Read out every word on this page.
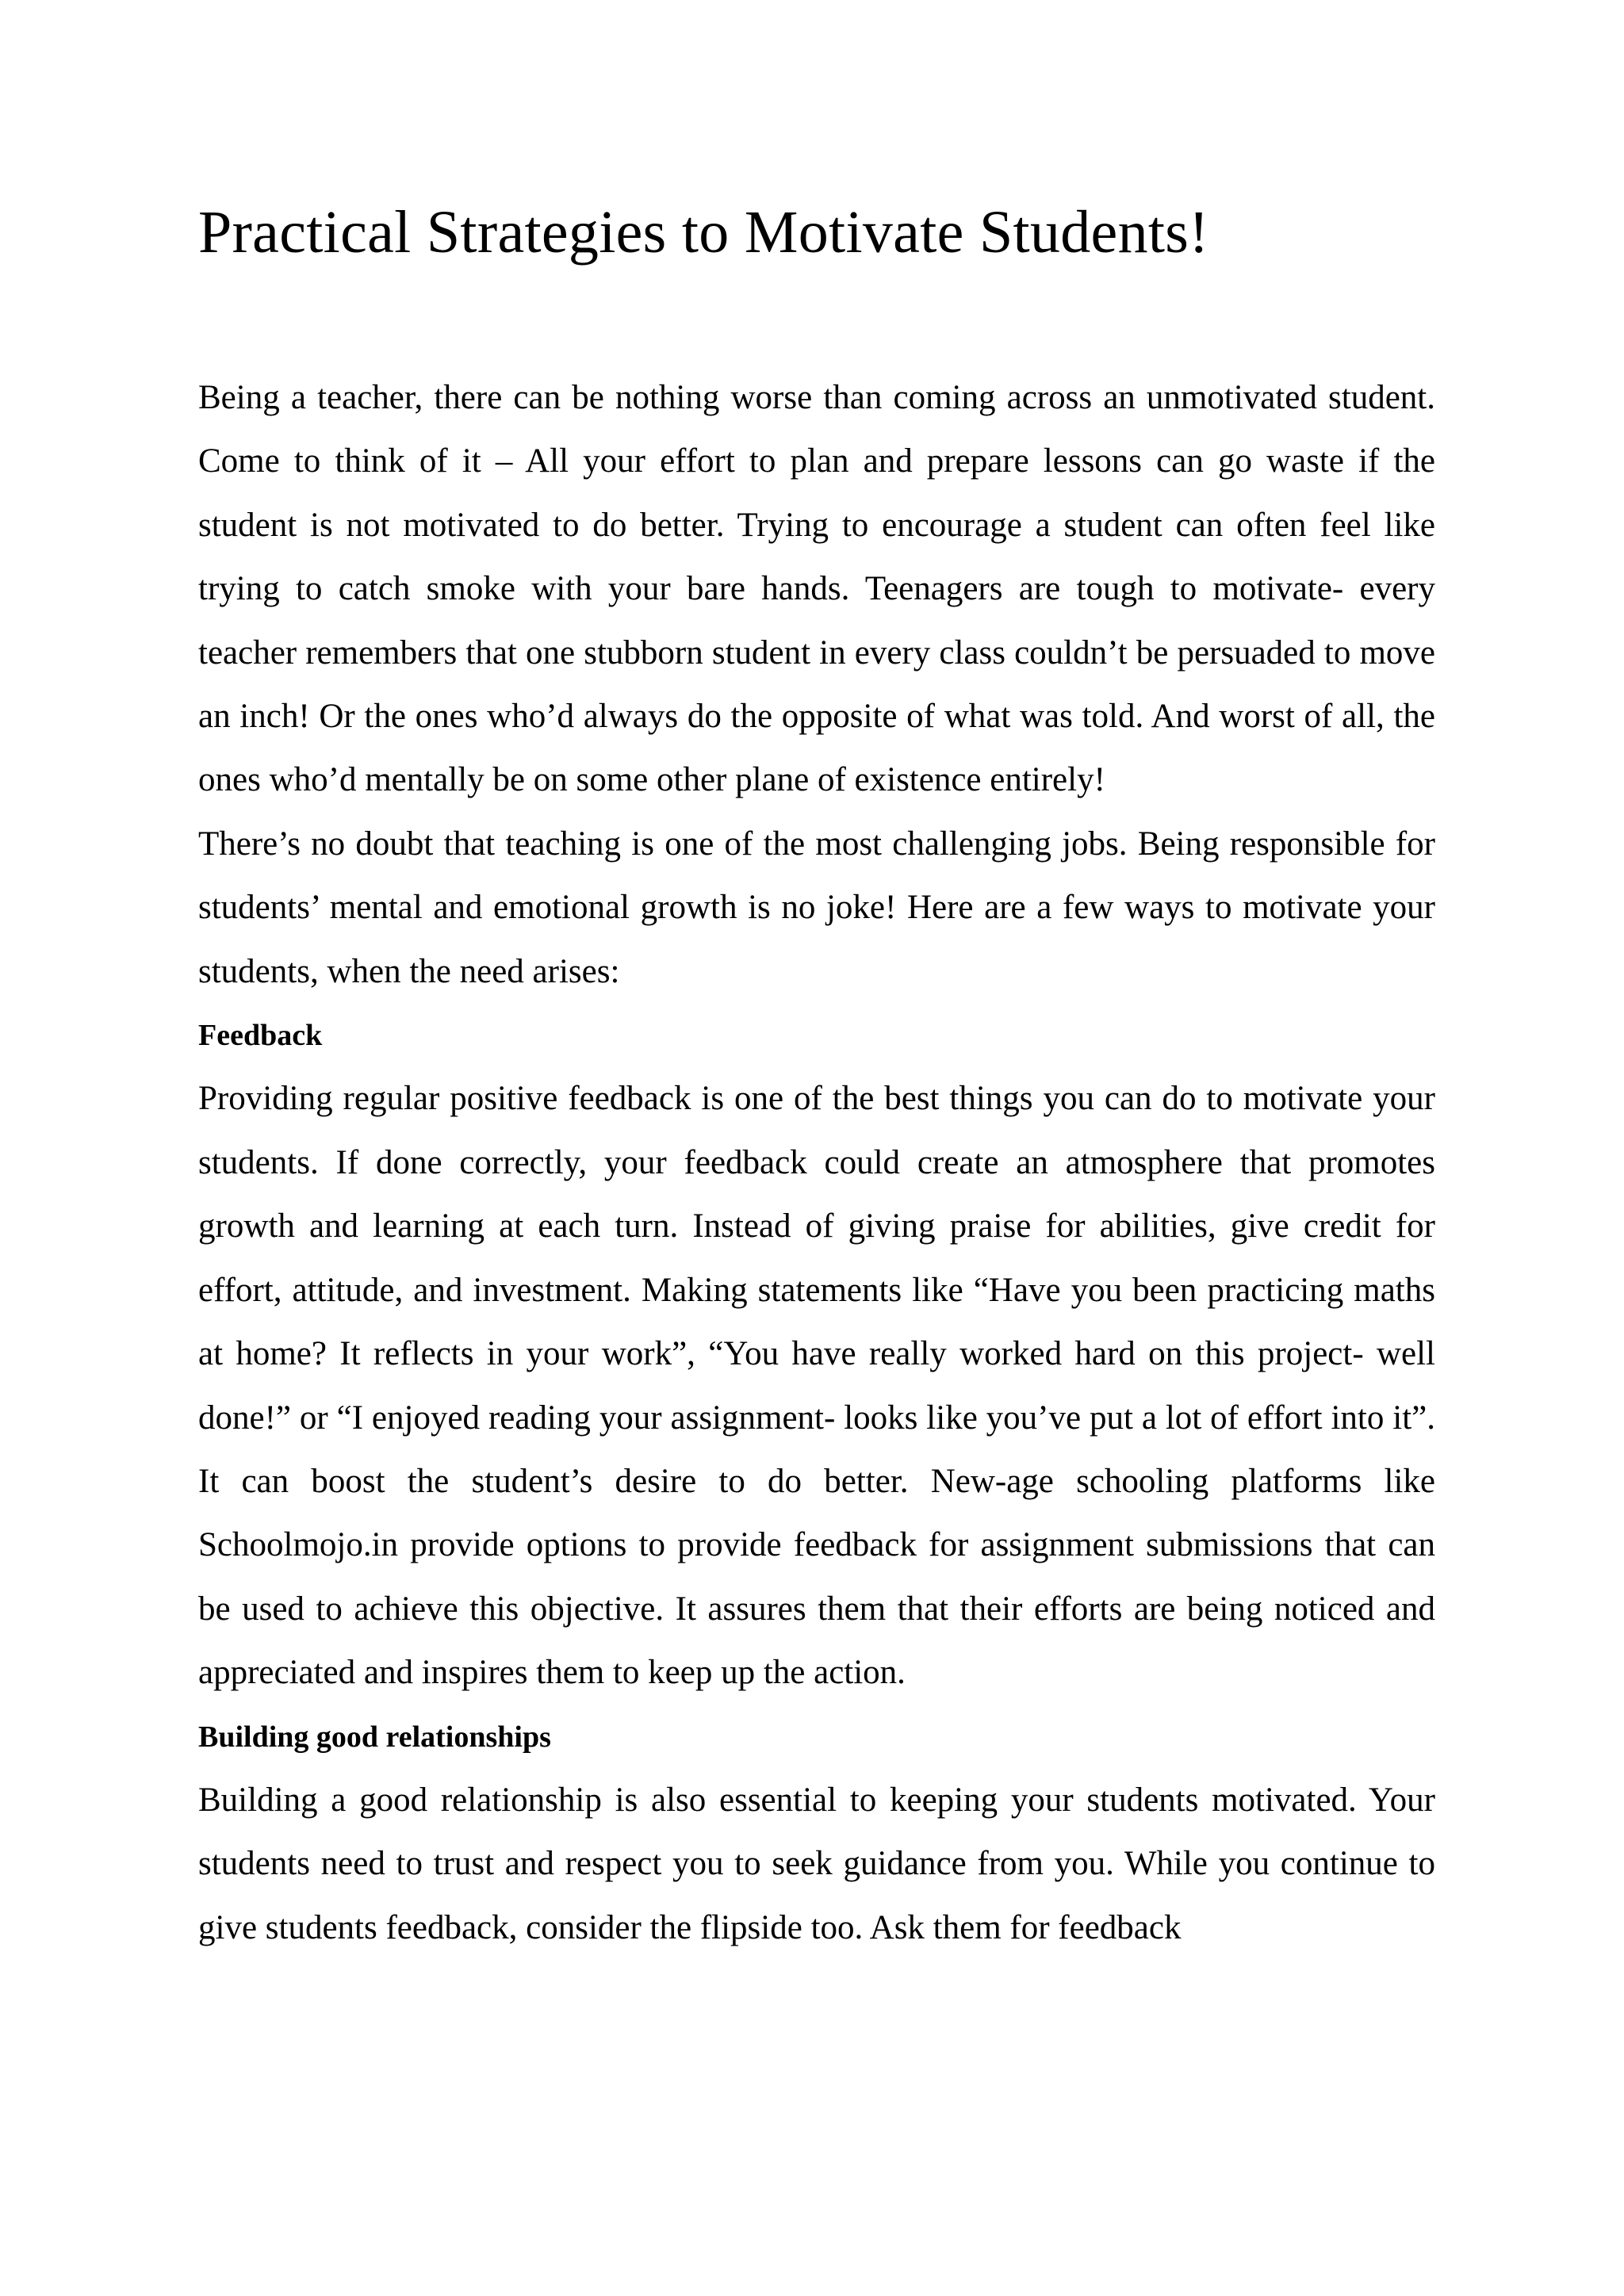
Practical Strategies to Motivate Students!

Being a teacher, there can be nothing worse than coming across an unmotivated student. Come to think of it – All your effort to plan and prepare lessons can go waste if the student is not motivated to do better. Trying to encourage a student can often feel like trying to catch smoke with your bare hands. Teenagers are tough to motivate- every teacher remembers that one stubborn student in every class couldn’t be persuaded to move an inch! Or the ones who’d always do the opposite of what was told. And worst of all, the ones who’d mentally be on some other plane of existence entirely!

There’s no doubt that teaching is one of the most challenging jobs. Being responsible for students’ mental and emotional growth is no joke! Here are a few ways to motivate your students, when the need arises:

Feedback

Providing regular positive feedback is one of the best things you can do to motivate your students. If done correctly, your feedback could create an atmosphere that promotes growth and learning at each turn. Instead of giving praise for abilities, give credit for effort, attitude, and investment. Making statements like “Have you been practicing maths at home? It reflects in your work”, “You have really worked hard on this project- well done!” or “I enjoyed reading your assignment- looks like you’ve put a lot of effort into it”. It can boost the student’s desire to do better. New-age schooling platforms like Schoolmojo.in provide options to provide feedback for assignment submissions that can be used to achieve this objective. It assures them that their efforts are being noticed and appreciated and inspires them to keep up the action.

Building good relationships

Building a good relationship is also essential to keeping your students motivated. Your students need to trust and respect you to seek guidance from you. While you continue to give students feedback, consider the flipside too. Ask them for feedback
